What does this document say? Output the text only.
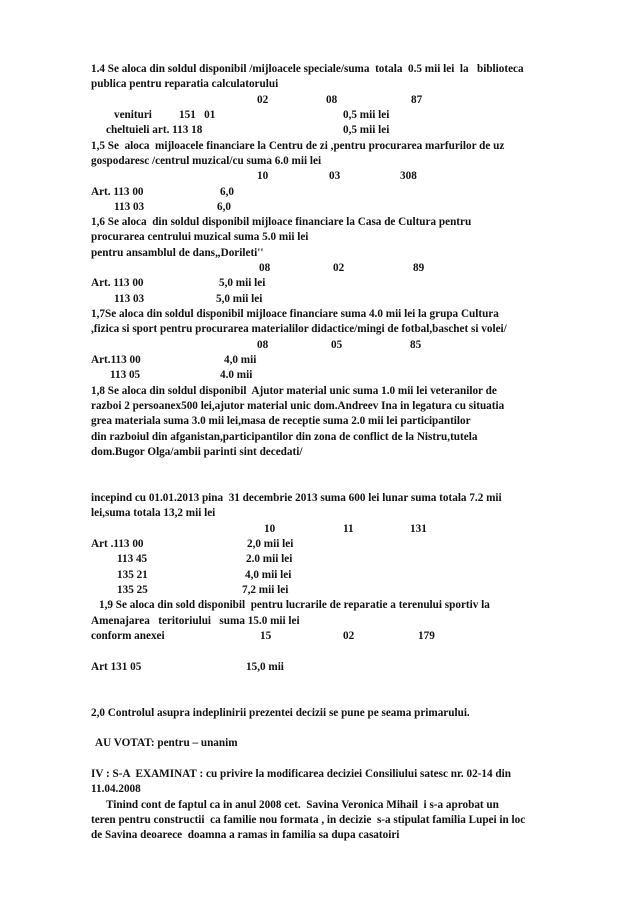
1.4 Se aloca din soldul disponibil /mijloacele speciale/suma  totala  0.5 mii lei  la   biblioteca
publica pentru reparatia calculatorului
02	08	87
venituri 151   01	0,5 mii lei
cheltuieli art. 113 18	0,5 mii lei
1,5 Se  aloca  mijloacele financiare la Centru de zi ,pentru procurarea marfurilor de uz
gospodaresc /centrul muzical/cu suma 6.0 mii lei
10	03	308
Art. 113 00	6,0
113 03	6,0
1,6 Se aloca  din soldul disponibil mijloace financiare la Casa de Cultura pentru
procurarea centrului muzical suma 5.0 mii lei
pentru ansamblul de dans„Dorileti''
08	02	89
Art. 113 00	5,0 mii lei
113 03	5,0 mii lei
1,7Se aloca din soldul disponibil mijloace financiare suma 4.0 mii lei la grupa Cultura
,fizica si sport pentru procurarea materialilor didactice/mingi de fotbal,baschet si volei/
08	05	85
Art.113 00	4,0 mii
113 05	4.0 mii
1,8 Se aloca din soldul disponibil  Ajutor material unic suma 1.0 mii lei veteranilor de
razboi 2 persoanex500 lei,ajutor material unic dom.Andreev Ina in legatura cu situatia
grea materiala suma 3.0 mii lei,masa de receptie suma 2.0 mii lei participantilor
din razboiul din afganistan,participantilor din zona de conflict de la Nistru,tutela
dom.Bugor Olga/ambii parinti sint decedati/
incepind cu 01.01.2013 pina  31 decembrie 2013 suma 600 lei lunar suma totala 7.2 mii
lei,suma totala 13,2 mii lei
10	11	131
Art .113 00	2,0 mii lei
113 45	2.0 mii lei
135 21	4,0 mii lei
135 25	7,2 mii lei
1,9 Se aloca din sold disponibil  pentru lucrarile de reparatie a terenului sportiv la
Amenajarea   teritoriului   suma 15.0 mii lei
conform anexei	15	02	179
Art 131 05	15,0 mii
2,0 Controlul asupra indeplinirii prezentei decizii se pune pe seama primarului.
AU VOTAT: pentru – unanim
IV : S-A  EXAMINAT : cu privire la modificarea deciziei Consiliului satesc nr. 02-14 din
11.04.2008
Tinind cont de faptul ca in anul 2008 cet.  Savina Veronica Mihail  i s-a aprobat un
teren pentru constructii  ca familie nou formata , in decizie  s-a stipulat familia Lupei in loc
de Savina deoarece  doamna a ramas in familia sa dupa casatoiri
